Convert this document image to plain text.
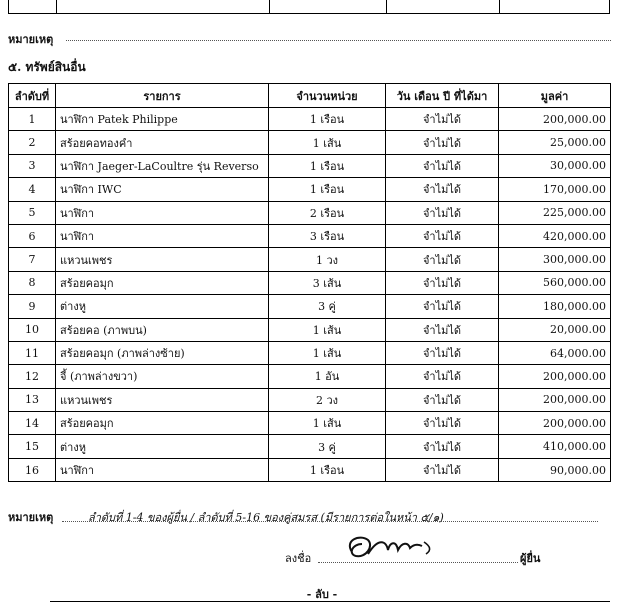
หมายเหตุ
๕. ทรัพย์สินอื่น
ลำดับที่	รายการ	จำนวนหน่วย	วัน เดือน ปี ที่ได้มา	มูลค่า
1	นาฬิกา Patek Philippe	1 เรือน	จำไม่ได้	200,000.00
2	สร้อยคอทองคำ	1 เส้น	จำไม่ได้	25,000.00
3	นาฬิกา Jaeger-LaCoultre รุ่น Reverso	1 เรือน	จำไม่ได้	30,000.00
4	นาฬิกา IWC	1 เรือน	จำไม่ได้	170,000.00
5	นาฬิกา	2 เรือน	จำไม่ได้	225,000.00
6	นาฬิกา	3 เรือน	จำไม่ได้	420,000.00
7	แหวนเพชร	1 วง	จำไม่ได้	300,000.00
8	สร้อยคอมุก	3 เส้น	จำไม่ได้	560,000.00
9	ต่างหู	3 คู่	จำไม่ได้	180,000.00
10	สร้อยคอ (ภาพบน)	1 เส้น	จำไม่ได้	20,000.00
11	สร้อยคอมุก (ภาพล่างซ้าย)	1 เส้น	จำไม่ได้	64,000.00
12	จี้ (ภาพล่างขวา)	1 อัน	จำไม่ได้	200,000.00
13	แหวนเพชร	2 วง	จำไม่ได้	200,000.00
14	สร้อยคอมุก	1 เส้น	จำไม่ได้	200,000.00
15	ต่างหู	3 คู่	จำไม่ได้	410,000.00
16	นาฬิกา	1 เรือน	จำไม่ได้	90,000.00
หมายเหตุ	ลำดับที่ 1-4 ของผู้ยื่น / ลำดับที่ 5-16 ของคู่สมรส (มีรายการต่อในหน้า ๕/๑)
ลงชื่อ	ผู้ยื่น
- ลับ -
